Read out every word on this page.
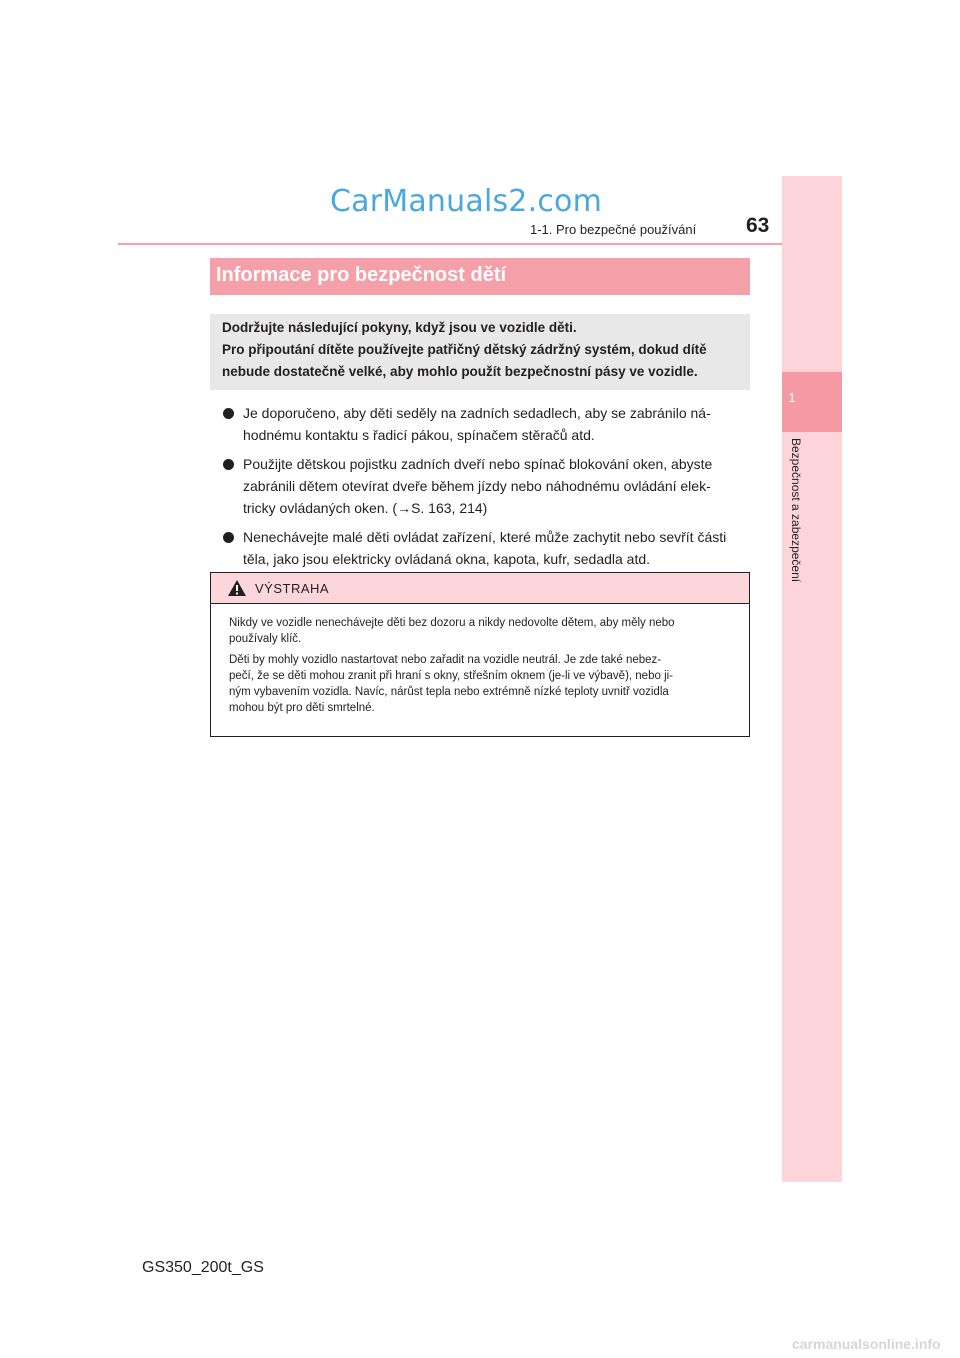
CarManuals2.com
1-1. Pro bezpečné používání 63
1
Bezpečnost a zabezpečení
Informace pro bezpečnost dětí
Dodržujte následující pokyny, když jsou ve vozidle děti.
Pro připoutání dítěte používejte patřičný dětský zádržný systém, dokud dítě
nebude dostatečně velké, aby mohlo použít bezpečnostní pásy ve vozidle.
Je doporučeno, aby děti seděly na zadních sedadlech, aby se zabránilo ná-
hodnému kontaktu s řadicí pákou, spínačem stěračů atd.
Použijte dětskou pojistku zadních dveří nebo spínač blokování oken, abyste
zabránili dětem otevírat dveře během jízdy nebo náhodnému ovládání elek-
tricky ovládaných oken. (→S. 163, 214)
Nenechávejte malé děti ovládat zařízení, které může zachytit nebo sevřít části
těla, jako jsou elektricky ovládaná okna, kapota, kufr, sedadla atd.
VÝSTRAHA
Nikdy ve vozidle nenechávejte děti bez dozoru a nikdy nedovolte dětem, aby měly nebo
používaly klíč.
Děti by mohly vozidlo nastartovat nebo zařadit na vozidle neutrál. Je zde také nebez-
pečí, že se děti mohou zranit při hraní s okny, střešním oknem (je-li ve výbavě), nebo ji-
ným vybavením vozidla. Navíc, nárůst tepla nebo extrémně nízké teploty uvnitř vozidla
mohou být pro děti smrtelné.
GS350_200t_GS
carmanualsonline.info
